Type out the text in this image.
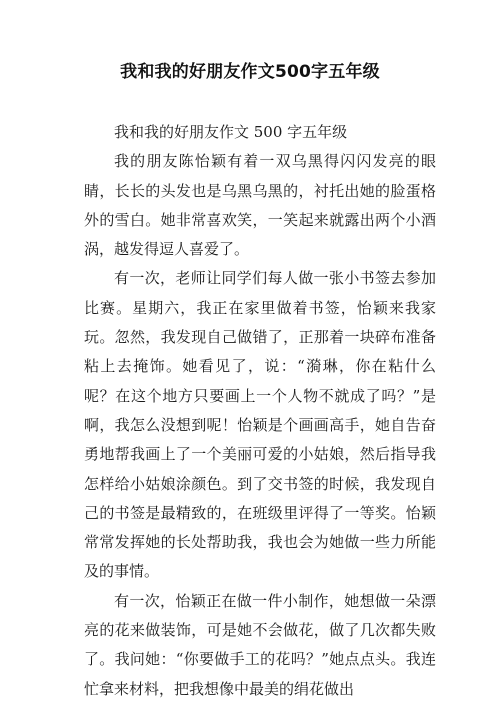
我和我的好朋友作文500字五年级

我和我的好朋友作文 500 字五年级

我的朋友陈怡颖有着一双乌黑得闪闪发亮的眼睛，长长的头发也是乌黑乌黑的，衬托出她的脸蛋格外的雪白。她非常喜欢笑，一笑起来就露出两个小酒涡，越发得逗人喜爱了。

有一次，老师让同学们每人做一张小书签去参加比赛。星期六，我正在家里做着书签，怡颖来我家玩。忽然，我发现自己做错了，正那着一块碎布准备粘上去掩饰。她看见了，说：“漪琳，你在粘什么呢？在这个地方只要画上一个人物不就成了吗？”是啊，我怎么没想到呢！怡颖是个画画高手，她自告奋勇地帮我画上了一个美丽可爱的小姑娘，然后指导我怎样给小姑娘涂颜色。到了交书签的时候，我发现自己的书签是最精致的，在班级里评得了一等奖。怡颖常常发挥她的长处帮助我，我也会为她做一些力所能及的事情。

有一次，怡颖正在做一件小制作，她想做一朵漂亮的花来做装饰，可是她不会做花，做了几次都失败了。我问她：“你要做手工的花吗？”她点点头。我连忙拿来材料，把我想像中最美的绢花做出
